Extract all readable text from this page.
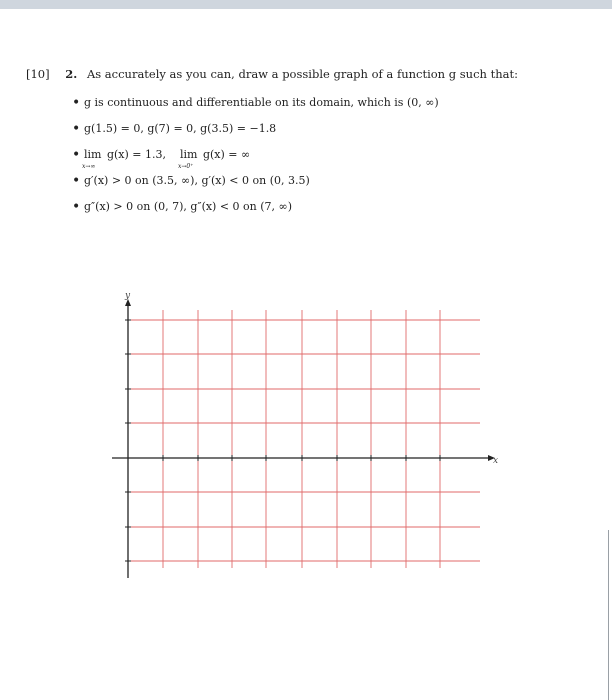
[10] 2. As accurately as you can, draw a possible graph of a function g such that:
• g is continuous and differentiable on its domain, which is (0, ∞)
• g(1.5) = 0, g(7) = 0, g(3.5) = −1.8
• lim
x→∞
g(x) = 1.3, lim
x→0⁺
g(x) = ∞
• g′(x) > 0 on (3.5, ∞), g′(x) < 0 on (0, 3.5)
• g″(x) > 0 on (0, 7), g″(x) < 0 on (7, ∞)
y
x
